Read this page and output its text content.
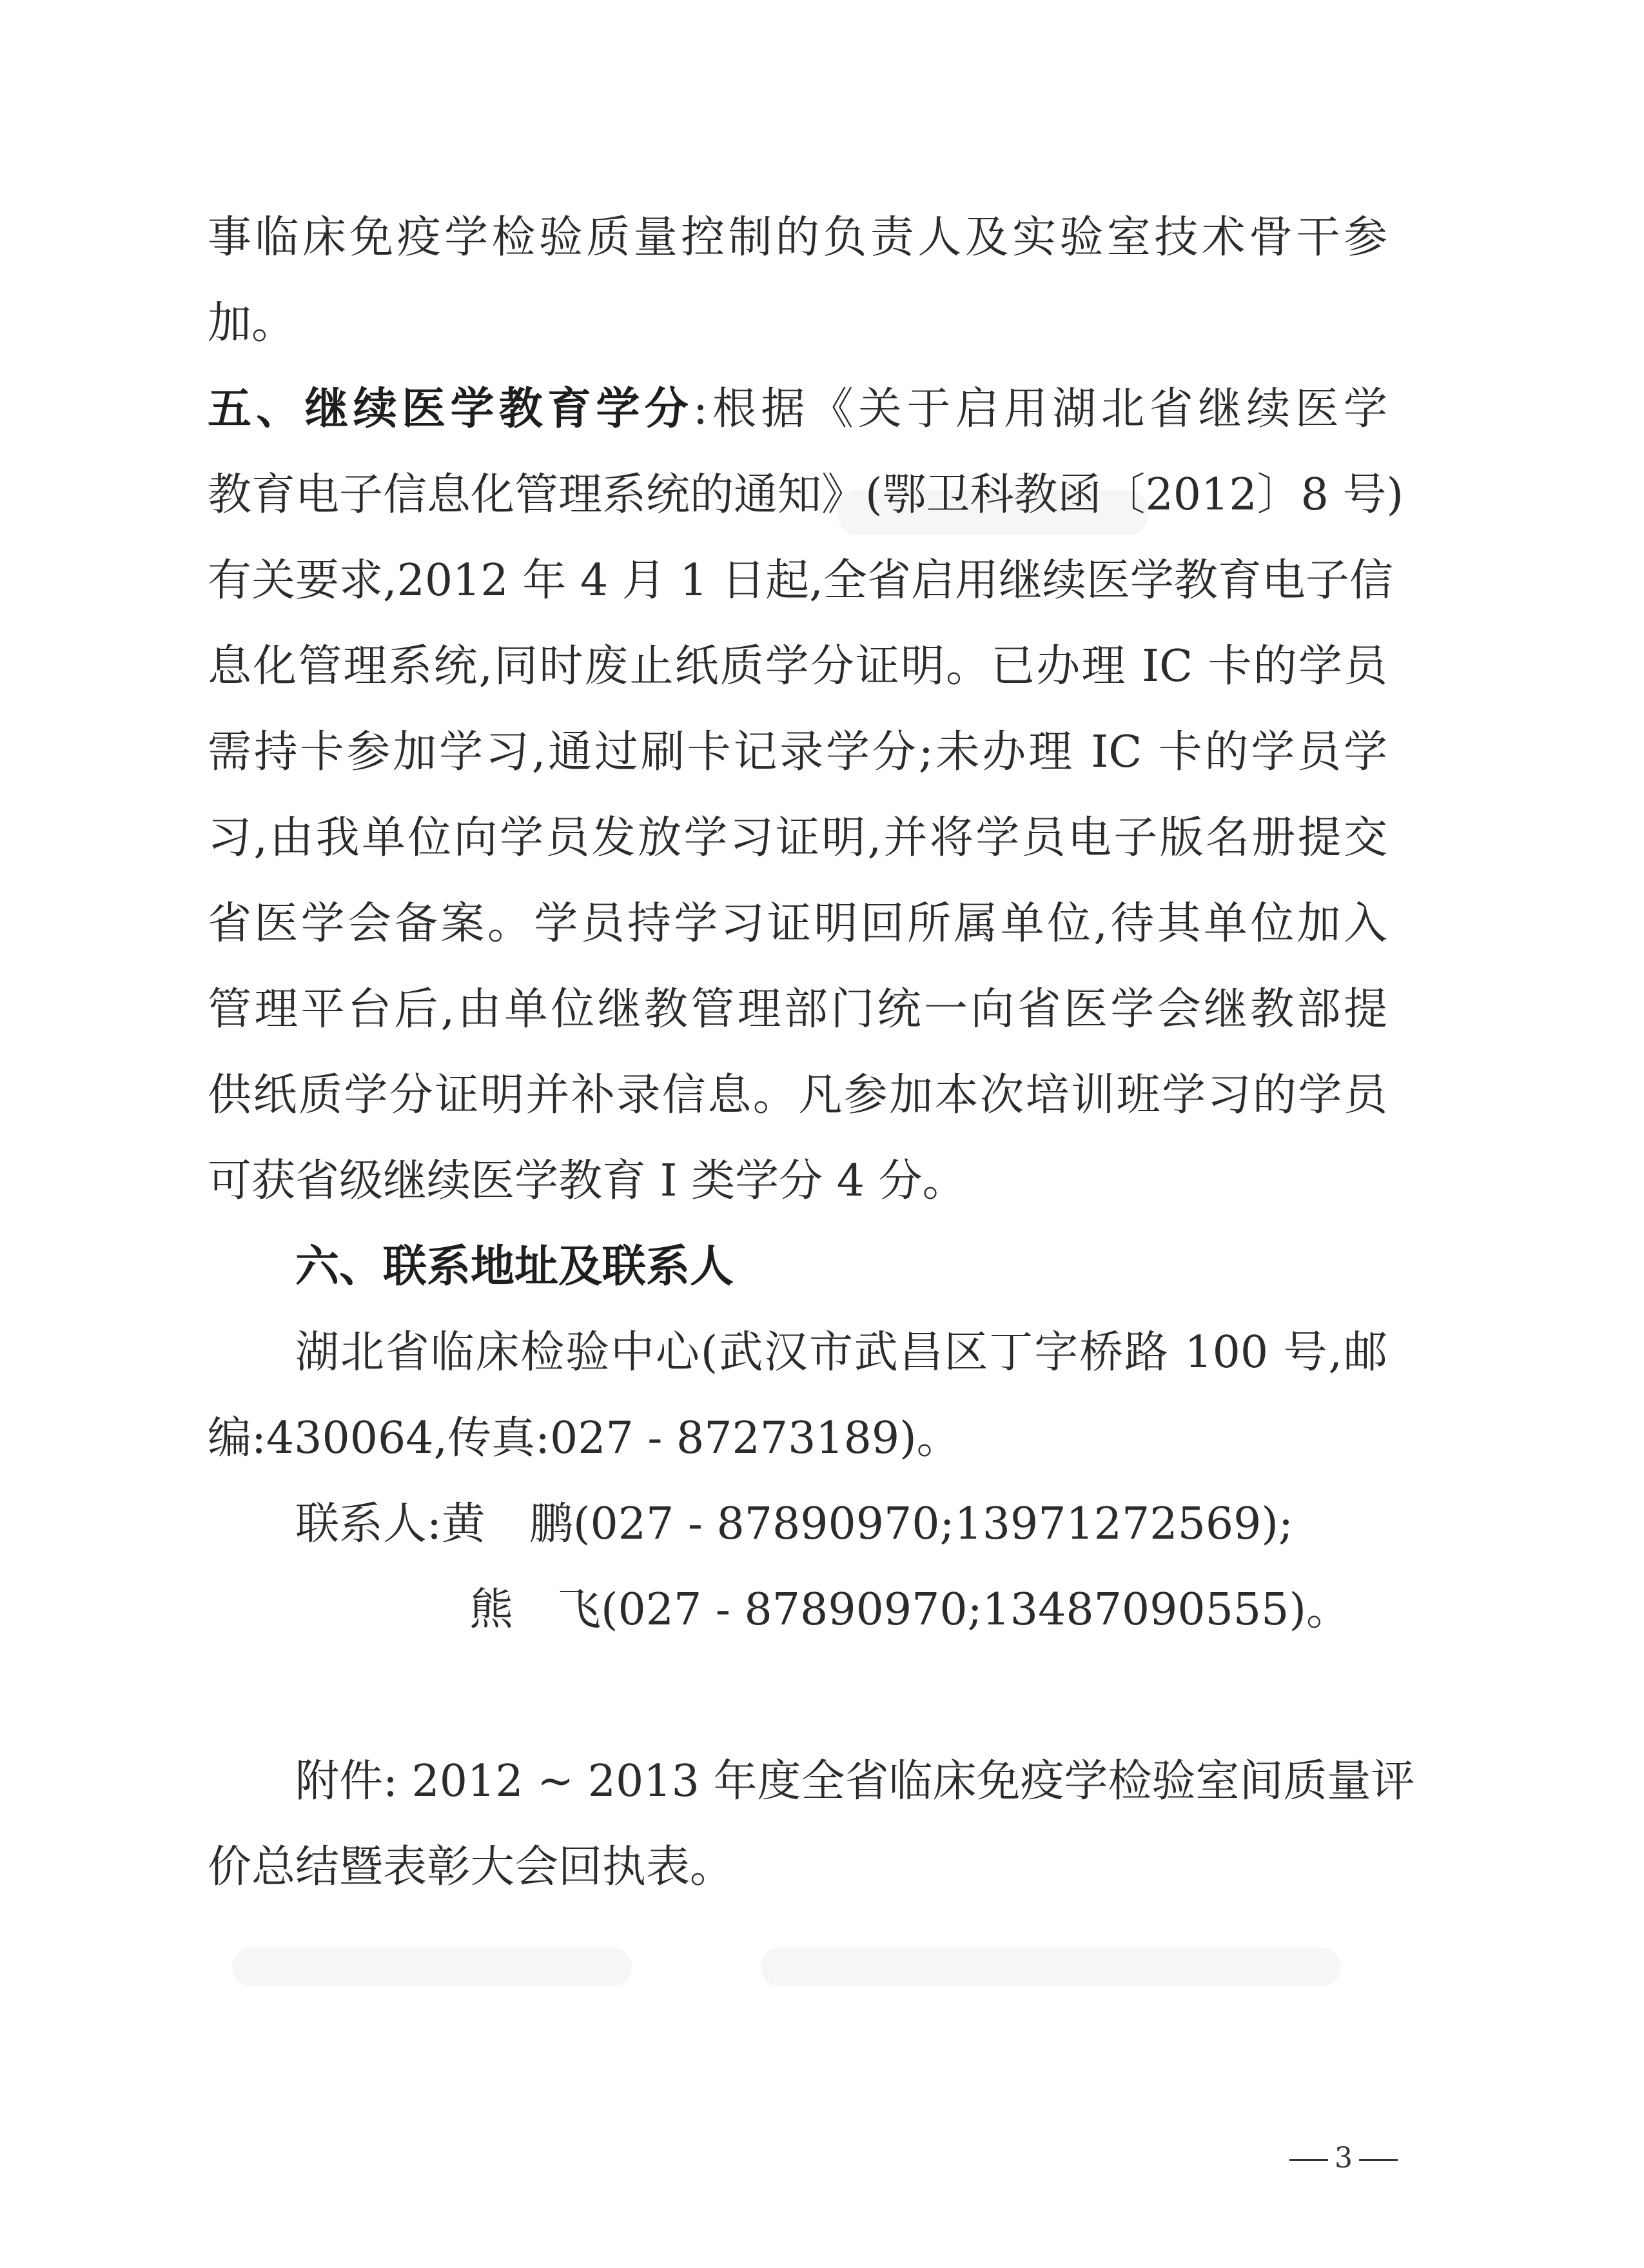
事临床免疫学检验质量控制的负责人及实验室技术骨干参
加。
五、继续医学教育学分:根据《关于启用湖北省继续医学
教育电子信息化管理系统的通知》(鄂卫科教函〔2012〕8 号)
有关要求,2012 年 4 月 1 日起,全省启用继续医学教育电子信
息化管理系统,同时废止纸质学分证明。已办理 IC 卡的学员
需持卡参加学习,通过刷卡记录学分;未办理 IC 卡的学员学
习,由我单位向学员发放学习证明,并将学员电子版名册提交
省医学会备案。学员持学习证明回所属单位,待其单位加入
管理平台后,由单位继教管理部门统一向省医学会继教部提
供纸质学分证明并补录信息。凡参加本次培训班学习的学员
可获省级继续医学教育 I 类学分 4 分。
六、联系地址及联系人
湖北省临床检验中心(武汉市武昌区丁字桥路 100 号,邮
编:430064,传真:027 - 87273189)。
联系人:黄　鹏(027 - 87890970;13971272569);
熊　飞(027 - 87890970;13487090555)。
附件: 2012 ~ 2013 年度全省临床免疫学检验室间质量评
价总结暨表彰大会回执表。
3
